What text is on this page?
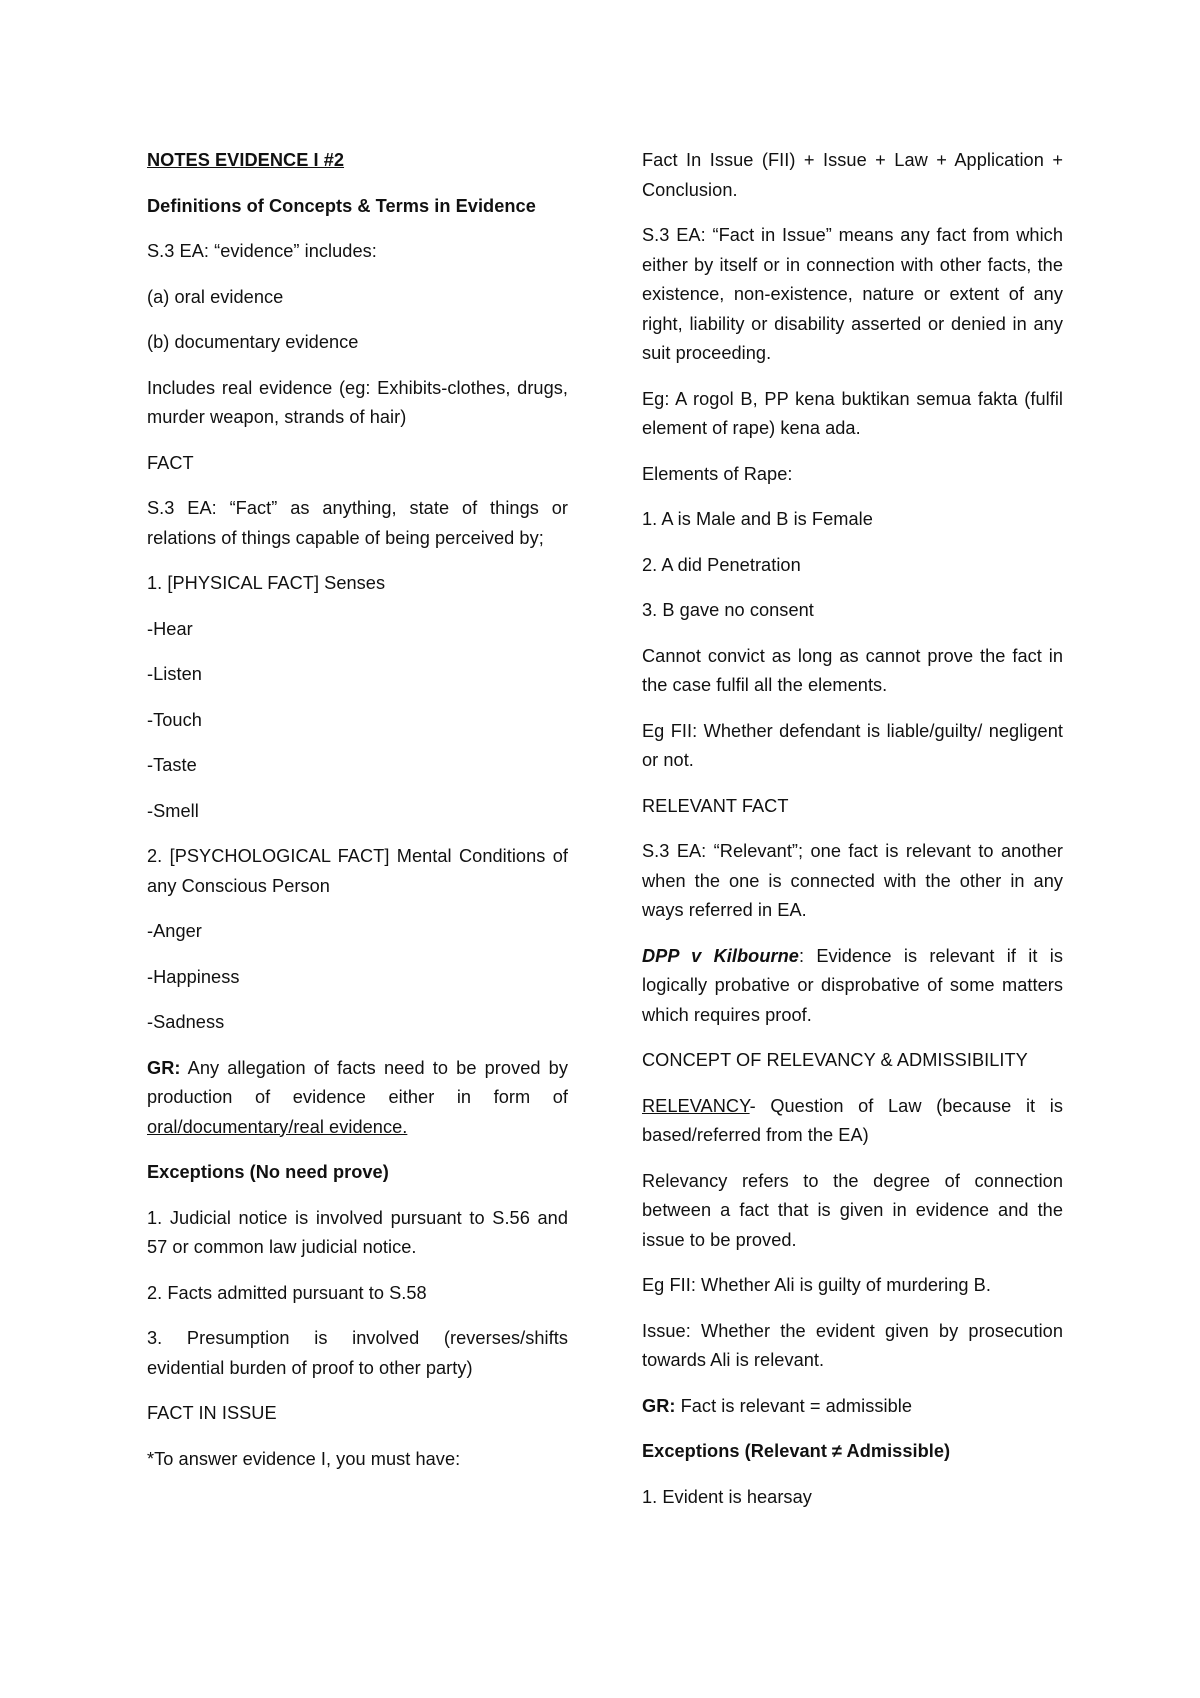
NOTES EVIDENCE I #2

Definitions of Concepts & Terms in Evidence

S.3 EA: “evidence” includes:

(a) oral evidence

(b) documentary evidence

Includes real evidence (eg: Exhibits-clothes, drugs, murder weapon, strands of hair)

FACT

S.3 EA: “Fact” as anything, state of things or relations of things capable of being perceived by;

1. [PHYSICAL FACT] Senses

-Hear

-Listen

-Touch

-Taste

-Smell

2. [PSYCHOLOGICAL FACT] Mental Conditions of any Conscious Person

-Anger

-Happiness

-Sadness

GR: Any allegation of facts need to be proved by production of evidence either in form of oral/documentary/real evidence.

Exceptions (No need prove)

1. Judicial notice is involved pursuant to S.56 and 57 or common law judicial notice.

2. Facts admitted pursuant to S.58

3. Presumption is involved (reverses/shifts evidential burden of proof to other party)

FACT IN ISSUE

*To answer evidence I, you must have:

Fact In Issue (FII) + Issue + Law + Application + Conclusion.

S.3 EA: “Fact in Issue” means any fact from which either by itself or in connection with other facts, the existence, non-existence, nature or extent of any right, liability or disability asserted or denied in any suit proceeding.

Eg: A rogol B, PP kena buktikan semua fakta (fulfil element of rape) kena ada.

Elements of Rape:

1. A is Male and B is Female

2. A did Penetration

3. B gave no consent

Cannot convict as long as cannot prove the fact in the case fulfil all the elements.

Eg FII: Whether defendant is liable/guilty/ negligent or not.

RELEVANT FACT

S.3 EA: “Relevant”; one fact is relevant to another when the one is connected with the other in any ways referred in EA.

DPP v Kilbourne: Evidence is relevant if it is logically probative or disprobative of some matters which requires proof.

CONCEPT OF RELEVANCY & ADMISSIBILITY

RELEVANCY- Question of Law (because it is based/referred from the EA)

Relevancy refers to the degree of connection between a fact that is given in evidence and the issue to be proved.

Eg FII: Whether Ali is guilty of murdering B.

Issue: Whether the evident given by prosecution towards Ali is relevant.

GR: Fact is relevant = admissible

Exceptions (Relevant ≠ Admissible)

1. Evident is hearsay
